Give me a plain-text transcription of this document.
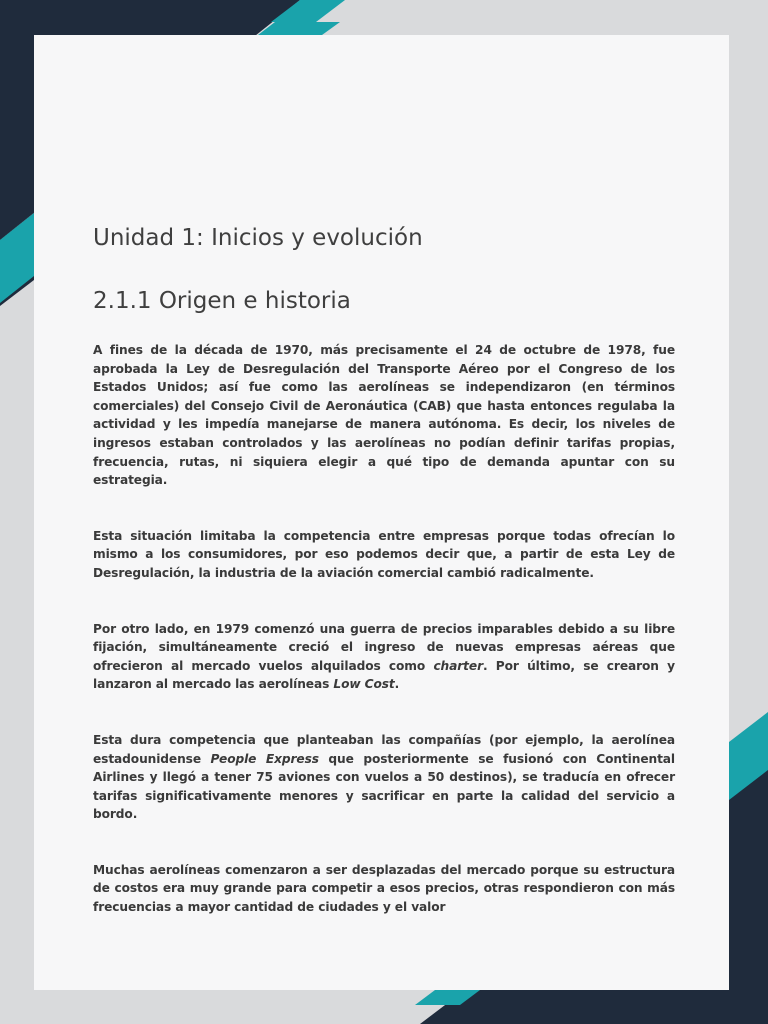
Unidad 1: Inicios y evolución
2.1.1 Origen e historia

A fines de la década de 1970, más precisamente el 24 de octubre de 1978, fue aprobada la Ley de Desregulación del Transporte Aéreo por el Congreso de los Estados Unidos; así fue como las aerolíneas se independizaron (en términos comerciales) del Consejo Civil de Aeronáutica (CAB) que hasta entonces regulaba la actividad y les impedía manejarse de manera autónoma. Es decir, los niveles de ingresos estaban controlados y las aerolíneas no podían definir tarifas propias, frecuencia, rutas, ni siquiera elegir a qué tipo de demanda apuntar con su estrategia.

Esta situación limitaba la competencia entre empresas porque todas ofrecían lo mismo a los consumidores, por eso podemos decir que, a partir de esta Ley de Desregulación, la industria de la aviación comercial cambió radicalmente.

Por otro lado, en 1979 comenzó una guerra de precios imparables debido a su libre fijación, simultáneamente creció el ingreso de nuevas empresas aéreas que ofrecieron al mercado vuelos alquilados como charter. Por último, se crearon y lanzaron al mercado las aerolíneas Low Cost.

Esta dura competencia que planteaban las compañías (por ejemplo, la aerolínea estadounidense People Express que posteriormente se fusionó con Continental Airlines y llegó a tener 75 aviones con vuelos a 50 destinos), se traducía en ofrecer tarifas significativamente menores y sacrificar en parte la calidad del servicio a bordo.

Muchas aerolíneas comenzaron a ser desplazadas del mercado porque su estructura de costos era muy grande para competir a esos precios, otras respondieron con más frecuencias a mayor cantidad de ciudades y el valor
